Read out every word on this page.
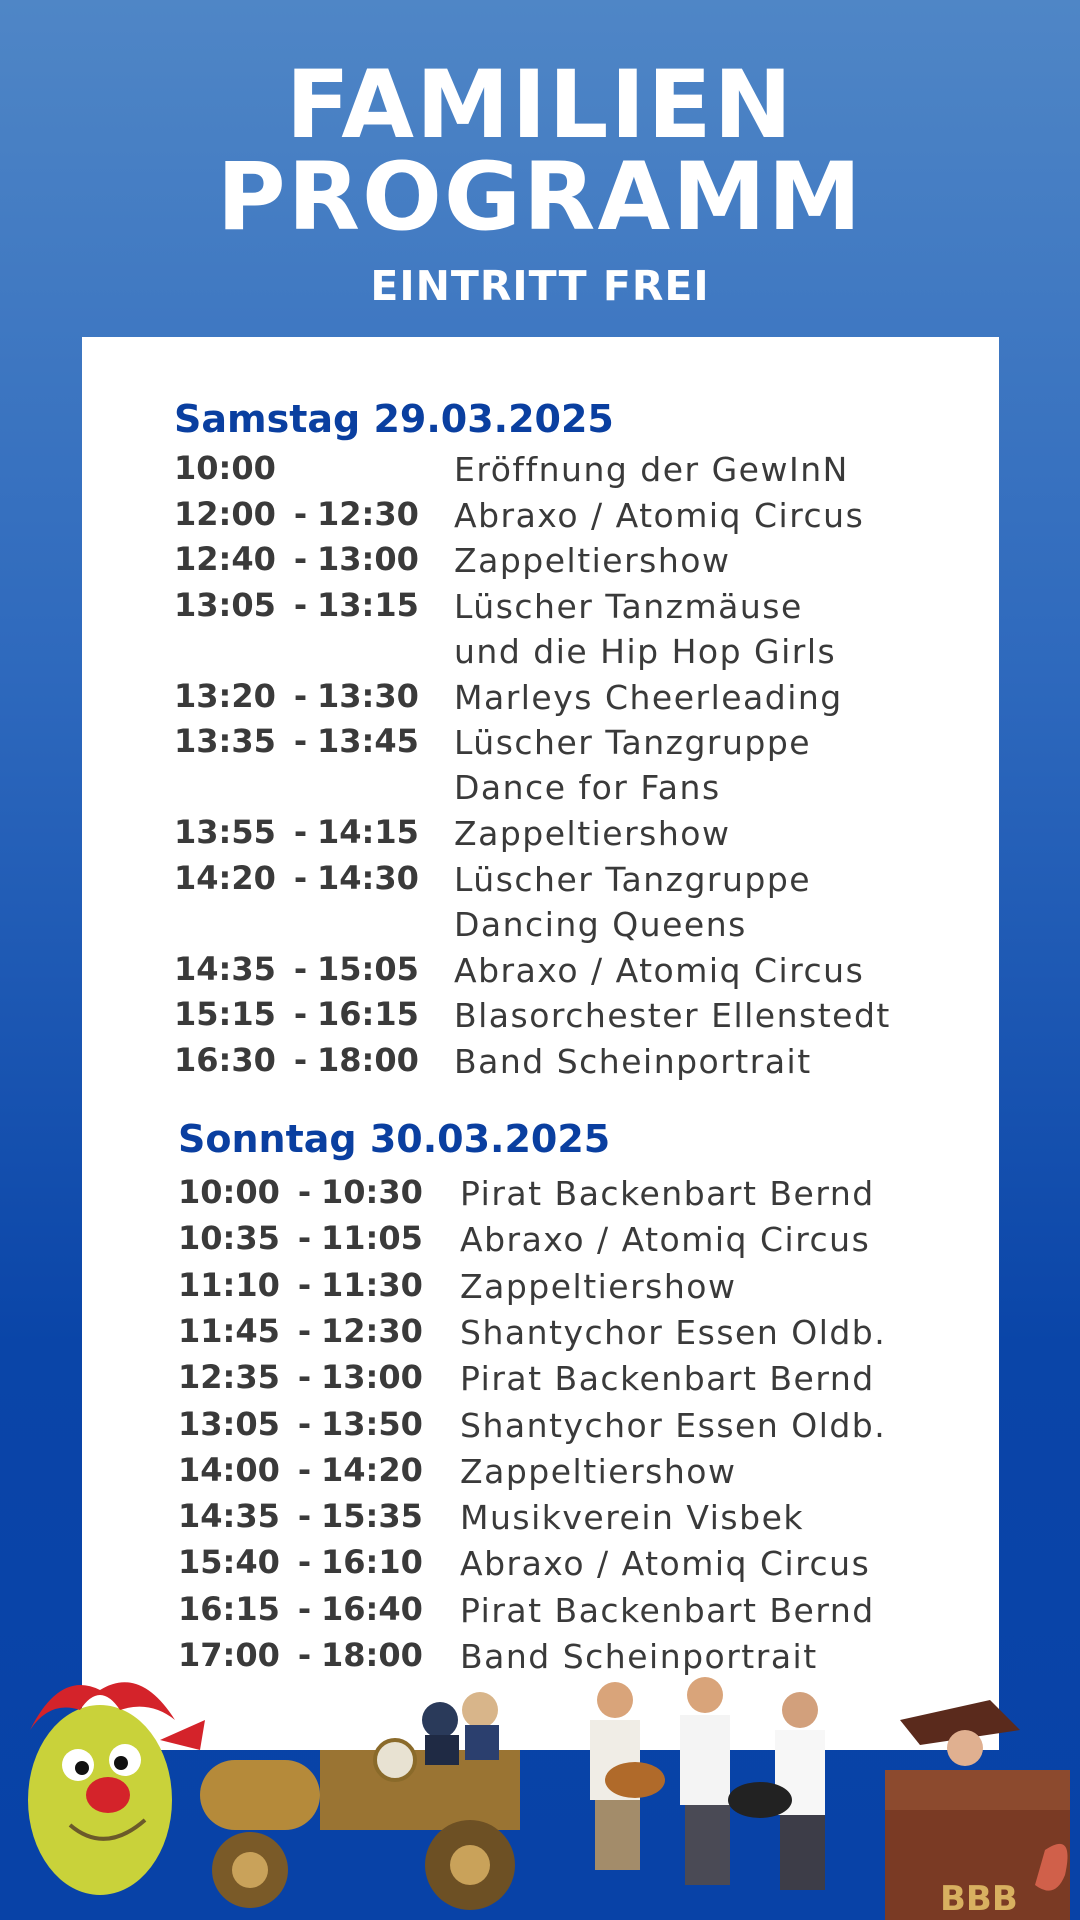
FAMILIEN
PROGRAMM
EINTRITT FREI
Samstag 29.03.2025
10:00	Eröffnung der GewInN
12:00 - 12:30 Abraxo / Atomiq Circus
12:40 - 13:00 Zappeltiershow
13:05 - 13:15 Lüscher Tanzmäuse
und die Hip Hop Girls
13:20 - 13:30 Marleys Cheerleading
13:35 - 13:45 Lüscher Tanzgruppe
Dance for Fans
13:55 - 14:15 Zappeltiershow
14:20 - 14:30 Lüscher Tanzgruppe
Dancing Queens
14:35 - 15:05 Abraxo / Atomiq Circus
15:15 - 16:15 Blasorchester Ellenstedt
16:30 - 18:00 Band Scheinportrait
Sonntag 30.03.2025
10:00 - 10:30 Pirat Backenbart Bernd
10:35 - 11:05 Abraxo / Atomiq Circus
11:10 - 11:30 Zappeltiershow
11:45 - 12:30 Shantychor Essen Oldb.
12:35 - 13:00 Pirat Backenbart Bernd
13:05 - 13:50 Shantychor Essen Oldb.
14:00 - 14:20 Zappeltiershow
14:35 - 15:35 Musikverein Visbek
15:40 - 16:10 Abraxo / Atomiq Circus
16:15 - 16:40 Pirat Backenbart Bernd
17:00 - 18:00 Band Scheinportrait
BBB
